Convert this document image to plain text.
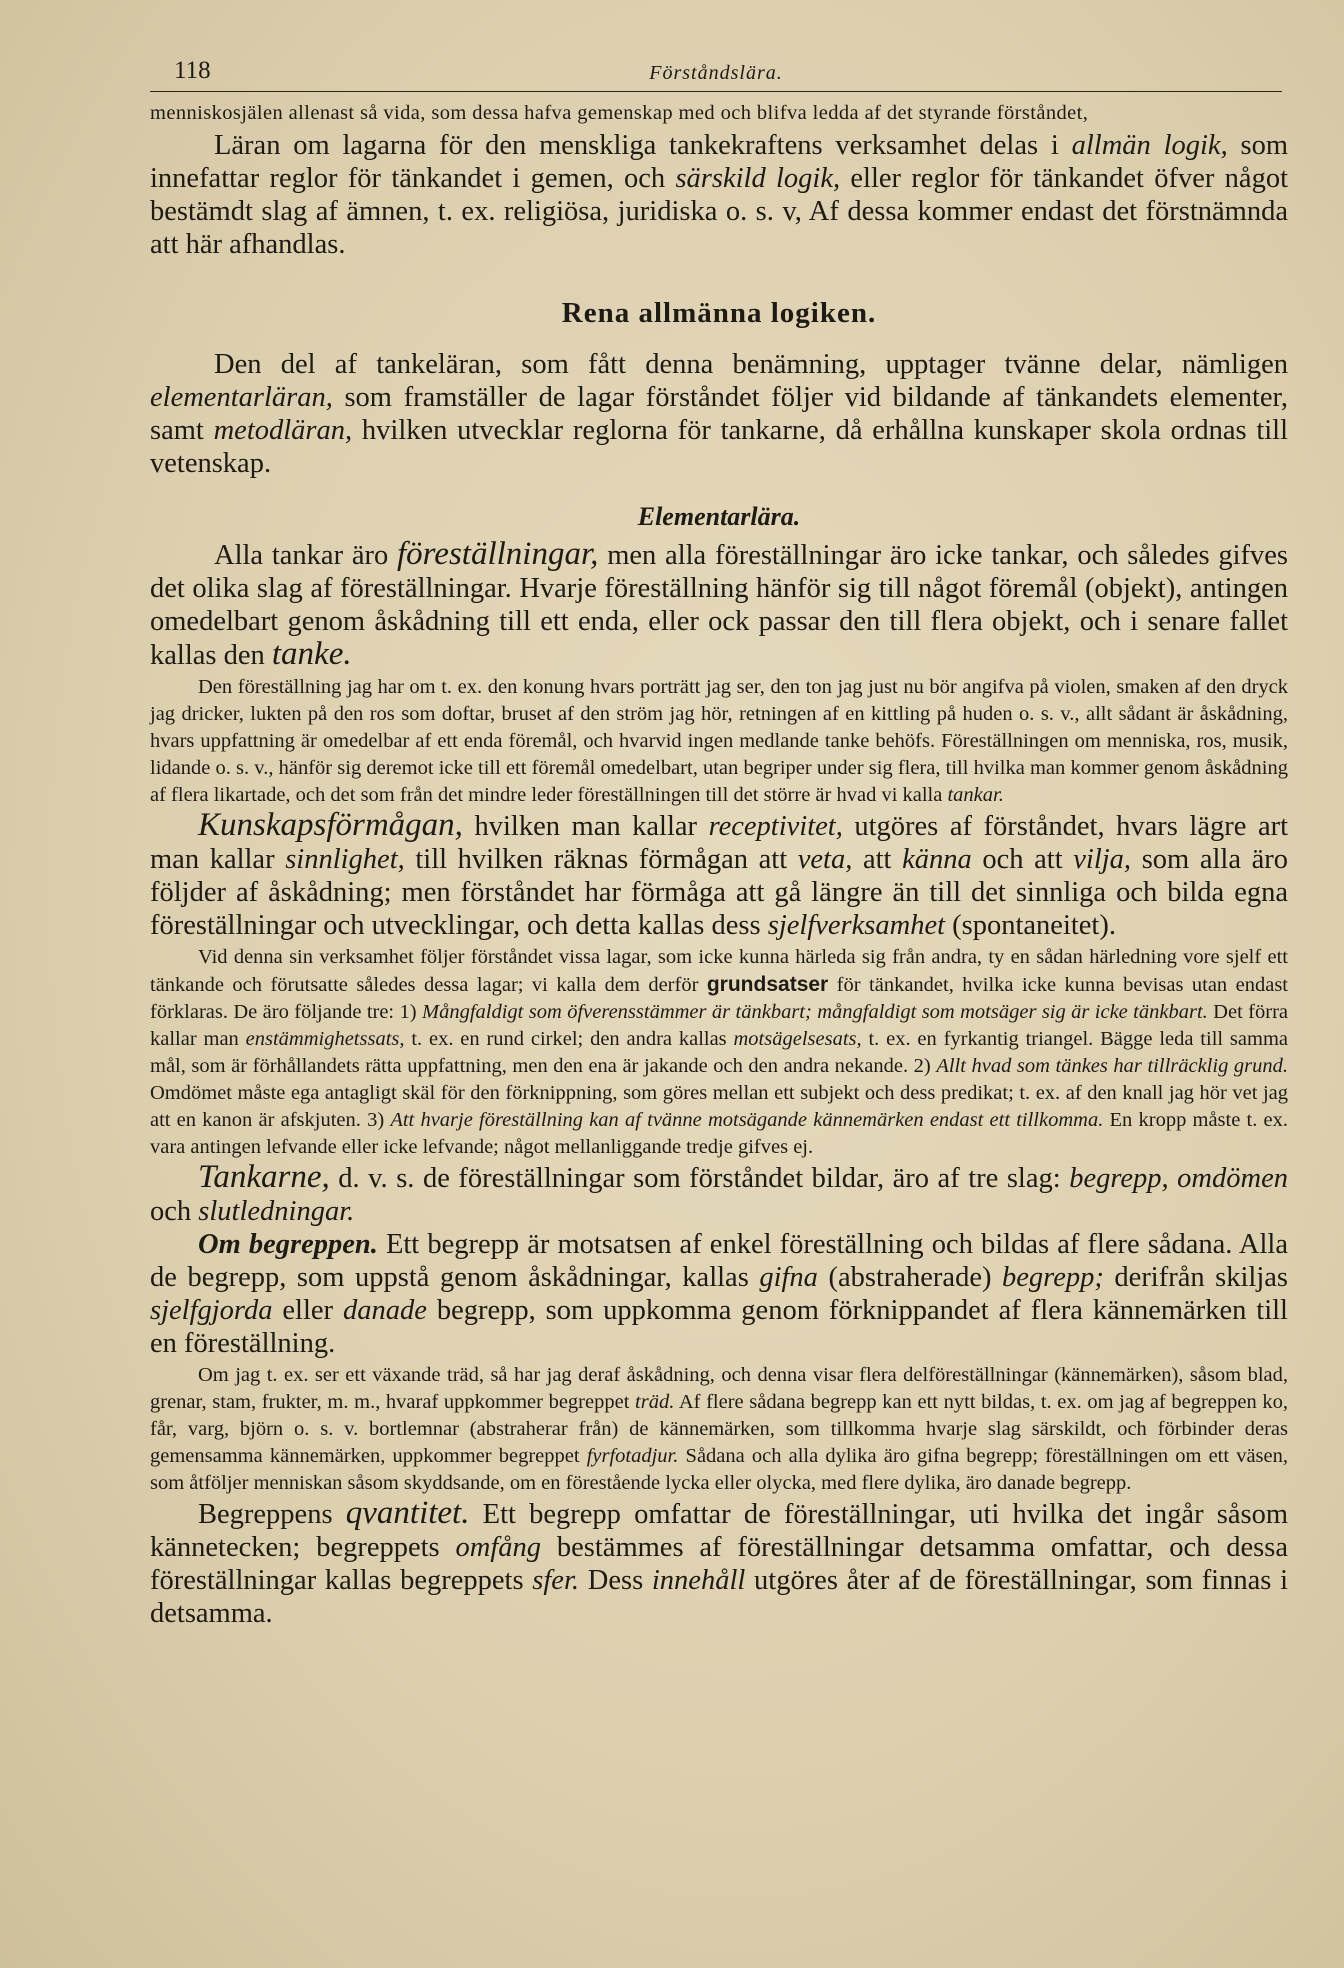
118	Förståndslära.

menniskosjälen allenast så vida, som dessa hafva gemenskap med och blifva ledda af det styrande förståndet,

Läran om lagarna för den menskliga tankekraftens verksamhet delas i allmän logik, som innefattar reglor för tänkandet i gemen, och särskild logik, eller reglor för tänkandet öfver något bestämdt slag af ämnen, t. ex. religiösa, juridiska o. s. v, Af dessa kommer endast det förstnämnda att här afhandlas.

Rena allmänna logiken.

Den del af tankeläran, som fått denna benämning, upptager tvänne delar, nämligen elementarläran, som framställer de lagar förståndet följer vid bildande af tänkandets elementer, samt metodläran, hvilken utvecklar reglorna för tankarne, då erhållna kunskaper skola ordnas till vetenskap.

Elementarlära.

Alla tankar äro föreställningar, men alla föreställningar äro icke tankar, och således gifves det olika slag af föreställningar. Hvarje föreställning hänför sig till något föremål (objekt), antingen omedelbart genom åskådning till ett enda, eller ock passar den till flera objekt, och i senare fallet kallas den tanke.

Den föreställning jag har om t. ex. den konung hvars porträtt jag ser, den ton jag just nu bör angifva på violen, smaken af den dryck jag dricker, lukten på den ros som doftar, bruset af den ström jag hör, retningen af en kittling på huden o. s. v., allt sådant är åskådning, hvars uppfattning är omedelbar af ett enda föremål, och hvarvid ingen medlande tanke behöfs. Föreställningen om menniska, ros, musik, lidande o. s. v., hänför sig deremot icke till ett föremål omedelbart, utan begriper under sig flera, till hvilka man kommer genom åskådning af flera likartade, och det som från det mindre leder föreställningen till det större är hvad vi kalla tankar.

Kunskapsförmågan, hvilken man kallar receptivitet, utgöres af förståndet, hvars lägre art man kallar sinnlighet, till hvilken räknas förmågan att veta, att känna och att vilja, som alla äro följder af åskådning; men förståndet har förmåga att gå längre än till det sinnliga och bilda egna föreställningar och utvecklingar, och detta kallas dess sjelfverksamhet (spontaneitet).

Vid denna sin verksamhet följer förståndet vissa lagar, som icke kunna härleda sig från andra, ty en sådan härledning vore sjelf ett tänkande och förutsatte således dessa lagar; vi kalla dem derför grundsatser för tänkandet, hvilka icke kunna bevisas utan endast förklaras. De äro följande tre: 1) Mångfaldigt som öfverensstämmer är tänkbart; mångfaldigt som motsäger sig är icke tänkbart. Det förra kallar man enstämmighetssats, t. ex. en rund cirkel; den andra kallas motsägelsesats, t. ex. en fyrkantig triangel. Bägge leda till samma mål, som är förhållandets rätta uppfattning, men den ena är jakande och den andra nekande. 2) Allt hvad som tänkes har tillräcklig grund. Omdömet måste ega antagligt skäl för den förknippning, som göres mellan ett subjekt och dess predikat; t. ex. af den knall jag hör vet jag att en kanon är afskjuten. 3) Att hvarje föreställning kan af tvänne motsägande kännemärken endast ett tillkomma. En kropp måste t. ex. vara antingen lefvande eller icke lefvande; något mellanliggande tredje gifves ej.

Tankarne, d. v. s. de föreställningar som förståndet bildar, äro af tre slag: begrepp, omdömen och slutledningar.

Om begreppen. Ett begrepp är motsatsen af enkel föreställning och bildas af flere sådana. Alla de begrepp, som uppstå genom åskådningar, kallas gifna (abstraherade) begrepp; derifrån skiljas sjelfgjorda eller danade begrepp, som uppkomma genom förknippandet af flera kännemärken till en föreställning.

Om jag t. ex. ser ett växande träd, så har jag deraf åskådning, och denna visar flera delföreställningar (kännemärken), såsom blad, grenar, stam, frukter, m. m., hvaraf uppkommer begreppet träd. Af flere sådana begrepp kan ett nytt bildas, t. ex. om jag af begreppen ko, får, varg, björn o. s. v. bortlemnar (abstraherar från) de kännemärken, som tillkomma hvarje slag särskildt, och förbinder deras gemensamma kännemärken, uppkommer begreppet fyrfotadjur. Sådana och alla dylika äro gifna begrepp; föreställningen om ett väsen, som åtföljer menniskan såsom skyddsande, om en förestående lycka eller olycka, med flere dylika, äro danade begrepp.

Begreppens qvantitet. Ett begrepp omfattar de föreställningar, uti hvilka det ingår såsom kännetecken; begreppets omfång bestämmes af föreställningar detsamma omfattar, och dessa föreställningar kallas begreppets sfer. Dess innehåll utgöres åter af de föreställningar, som finnas i detsamma.
